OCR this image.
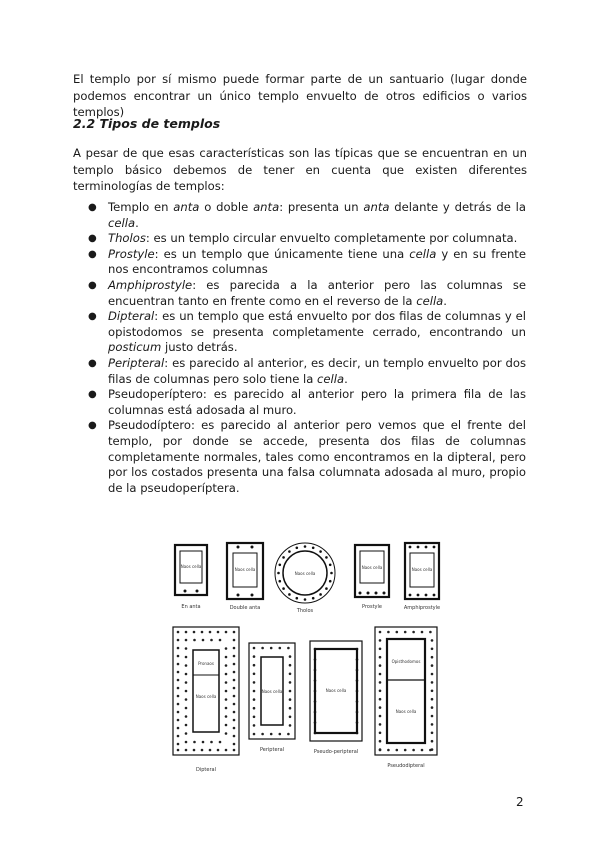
El templo por sí mismo puede formar parte de un santuario (lugar donde podemos encontrar un único templo envuelto de otros edificios o varios templos)

2.2 Tipos de templos

A pesar de que esas características son las típicas que se encuentran en un templo básico debemos de tener en cuenta que existen diferentes terminologías de templos:

● Templo en anta o doble anta: presenta un anta delante y detrás de la cella.
● Tholos: es un templo circular envuelto completamente por columnata.
● Prostyle: es un templo que únicamente tiene una cella y en su frente nos encontramos columnas
● Amphiprostyle: es parecida a la anterior pero las columnas se encuentran tanto en frente como en el reverso de la cella.
● Dipteral: es un templo que está envuelto por dos filas de columnas y el opistodomos se presenta completamente cerrado, encontrando un posticum justo detrás.
● Peripteral: es parecido al anterior, es decir, un templo envuelto por dos filas de columnas pero solo tiene la cella.
● Pseudoperíptero: es parecido al anterior pero la primera fila de las columnas está adosada al muro.
● Pseudodíptero: es parecido al anterior pero vemos que el frente del templo, por donde se accede, presenta dos filas de columnas completamente normales, tales como encontramos en la dipteral, pero por los costados presenta una falsa columnata adosada al muro, propio de la pseudoperíptera.
Naos cella
En anta
Naos cella
Double anta
Naos cella
Tholos
Naos cella
Prostyle
Naos cella
Amphiprostyle
Pronaos
Naos cella
Dipteral
Naos cella
Peripteral
Naos cella
Pseudo-peripteral
Opisthodomos
Naos cella
Pseudodipteral
2
